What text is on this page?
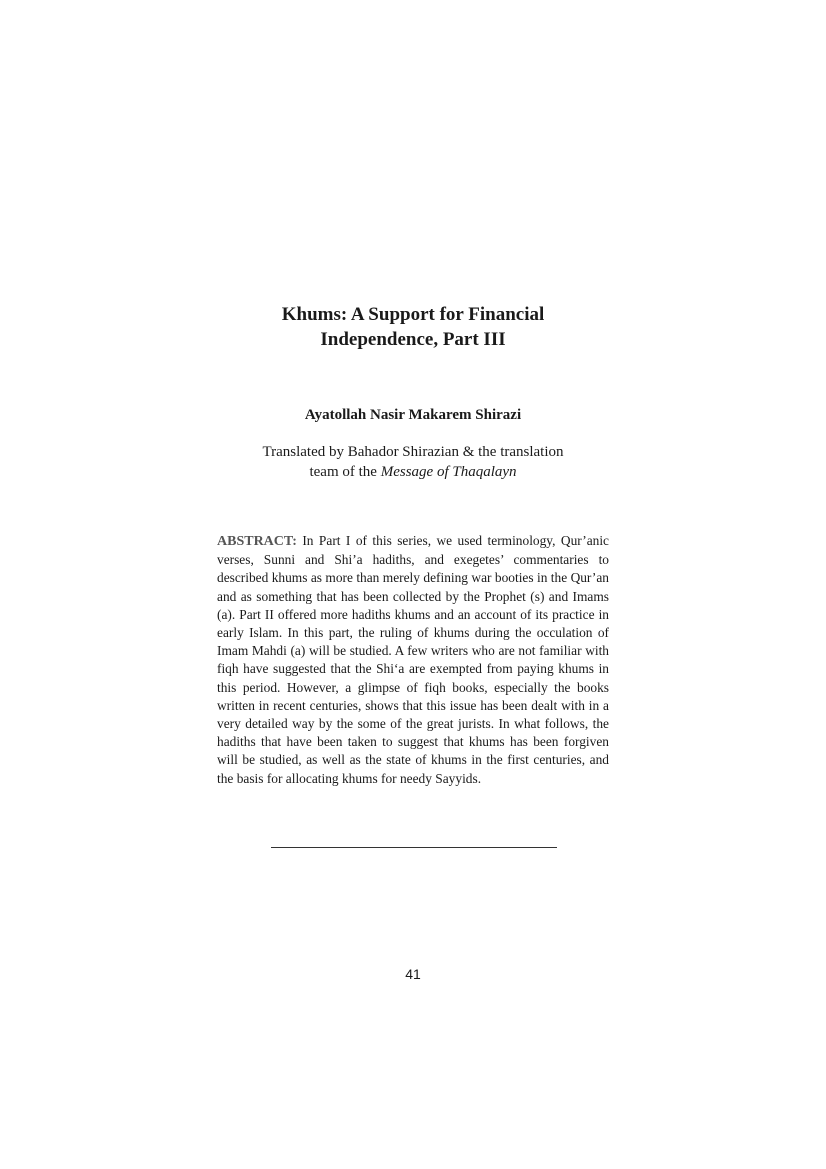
Khums: A Support for Financial
Independence, Part III

Ayatollah Nasir Makarem Shirazi

Translated by Bahador Shirazian & the translation
team of the Message of Thaqalayn

ABSTRACT: In Part I of this series, we used terminology, Qur’anic verses, Sunni and Shi’a hadiths, and exegetes’ commentaries to described khums as more than merely defining war booties in the Qur’an and as something that has been collected by the Prophet (s) and Imams (a). Part II offered more hadiths khums and an account of its practice in early Islam. In this part, the ruling of khums during the occulation of Imam Mahdi (a) will be studied. A few writers who are not familiar with fiqh have suggested that the Shi‘a are exempted from paying khums in this period. However, a glimpse of fiqh books, especially the books written in recent centuries, shows that this issue has been dealt with in a very detailed way by the some of the great jurists. In what follows, the hadiths that have been taken to suggest that khums has been forgiven will be studied, as well as the state of khums in the first centuries, and the basis for allocating khums for needy Sayyids.

41
